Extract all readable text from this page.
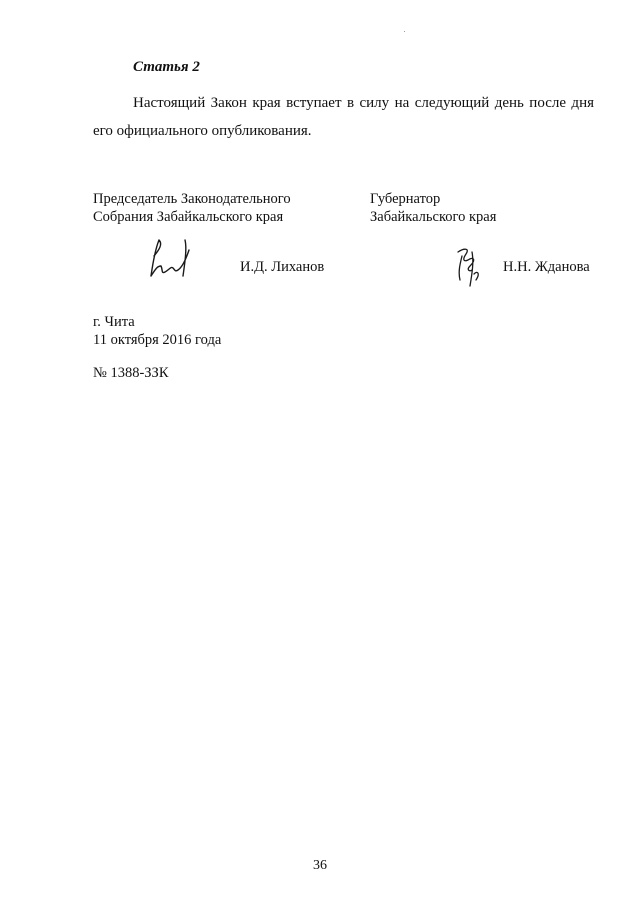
Статья 2
Настоящий Закон края вступает в силу на следующий день после дня
его официального опубликования.
Председатель Законодательного
Собрания Забайкальского края
Губернатор
Забайкальского края
И.Д. Лиханов	Н.Н. Жданова
г. Чита
11 октября 2016 года
№ 1388-ЗЗК
36
